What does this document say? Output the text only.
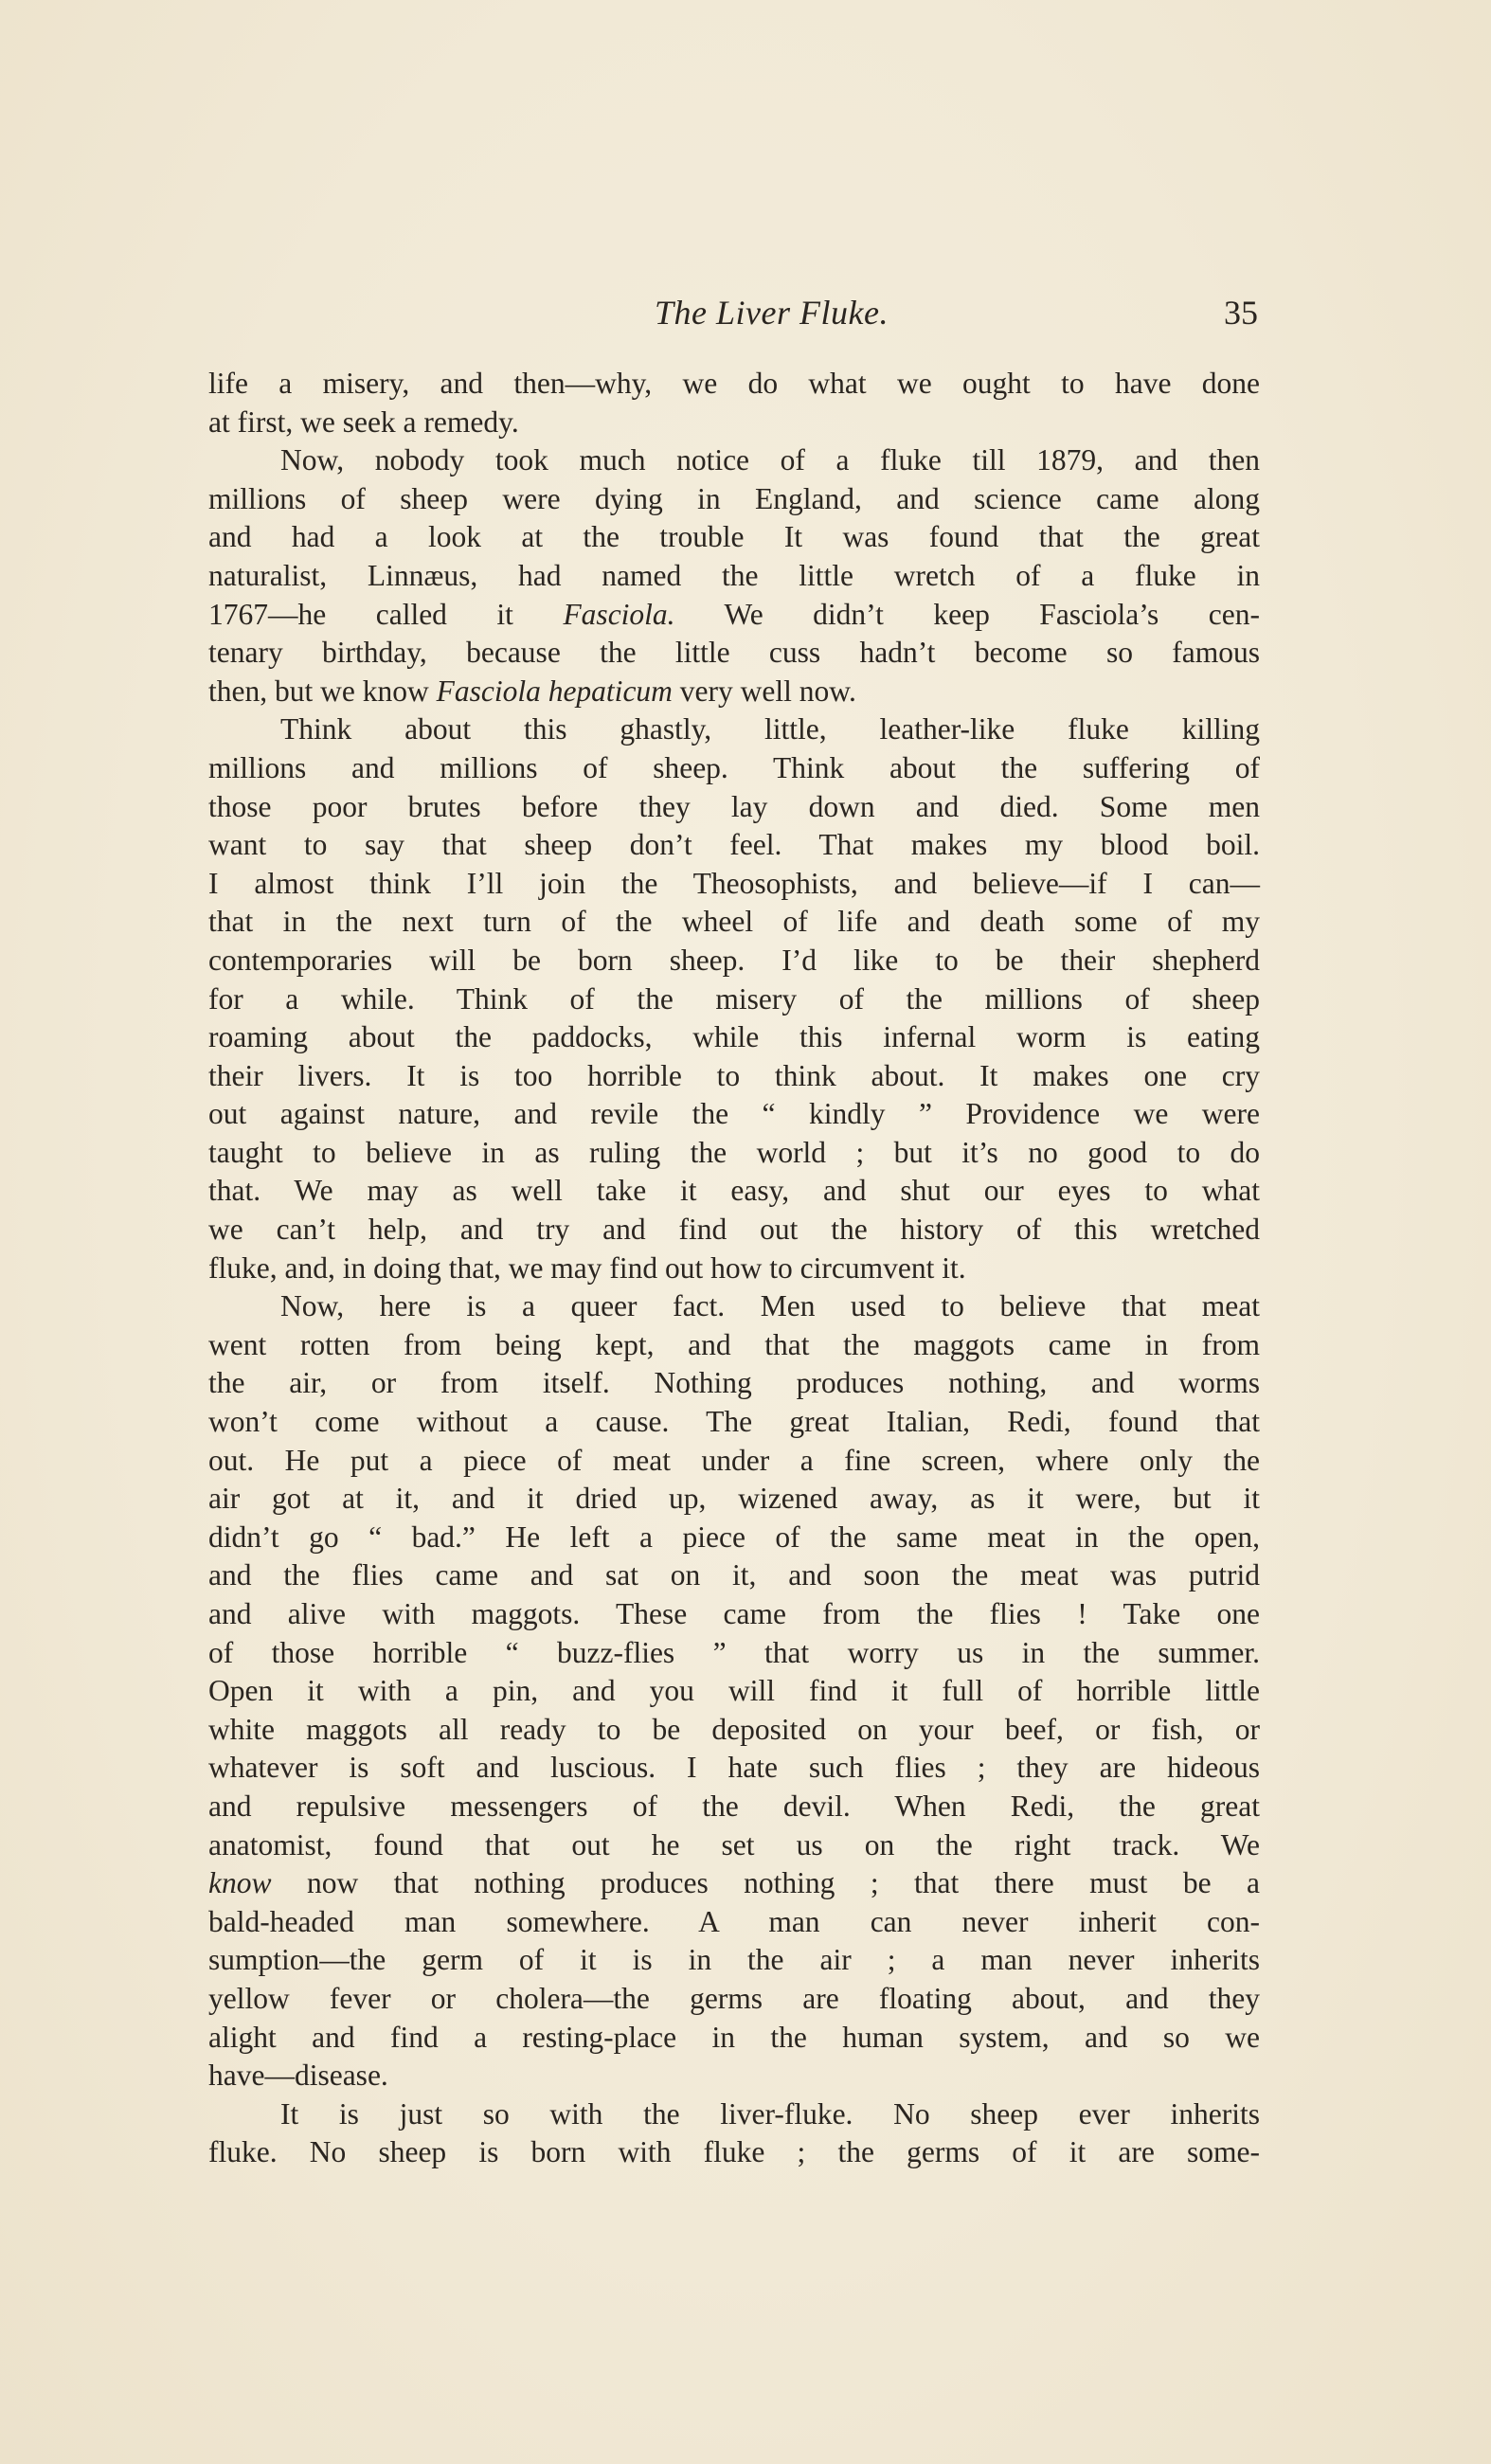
The Liver Fluke.	35
life a misery, and then—why, we do what we ought to have done
at first, we seek a remedy.
Now, nobody took much notice of a fluke till 1879, and then
millions of sheep were dying in England, and science came along
and had a look at the trouble It was found that the great
naturalist, Linnæus, had named the little wretch of a fluke in
1767—he called it Fasciola. We didn’t keep Fasciola’s cen-
tenary birthday, because the little cuss hadn’t become so famous
then, but we know Fasciola hepaticum very well now.
Think about this ghastly, little, leather-like fluke killing
millions and millions of sheep. Think about the suffering of
those poor brutes before they lay down and died. Some men
want to say that sheep don’t feel. That makes my blood boil.
I almost think I’ll join the Theosophists, and believe—if I can—
that in the next turn of the wheel of life and death some of my
contemporaries will be born sheep. I’d like to be their shepherd
for a while. Think of the misery of the millions of sheep
roaming about the paddocks, while this infernal worm is eating
their livers. It is too horrible to think about. It makes one cry
out against nature, and revile the “ kindly ” Providence we were
taught to believe in as ruling the world ; but it’s no good to do
that. We may as well take it easy, and shut our eyes to what
we can’t help, and try and find out the history of this wretched
fluke, and, in doing that, we may find out how to circumvent it.
Now, here is a queer fact. Men used to believe that meat
went rotten from being kept, and that the maggots came in from
the air, or from itself. Nothing produces nothing, and worms
won’t come without a cause. The great Italian, Redi, found that
out. He put a piece of meat under a fine screen, where only the
air got at it, and it dried up, wizened away, as it were, but it
didn’t go “ bad.” He left a piece of the same meat in the open,
and the flies came and sat on it, and soon the meat was putrid
and alive with maggots. These came from the flies ! Take one
of those horrible “ buzz-flies ” that worry us in the summer.
Open it with a pin, and you will find it full of horrible little
white maggots all ready to be deposited on your beef, or fish, or
whatever is soft and luscious. I hate such flies ; they are hideous
and repulsive messengers of the devil. When Redi, the great
anatomist, found that out he set us on the right track. We
know now that nothing produces nothing ; that there must be a
bald-headed man somewhere. A man can never inherit con-
sumption—the germ of it is in the air ; a man never inherits
yellow fever or cholera—the germs are floating about, and they
alight and find a resting-place in the human system, and so we
have—disease.
It is just so with the liver-fluke. No sheep ever inherits
fluke. No sheep is born with fluke ; the germs of it are some-
